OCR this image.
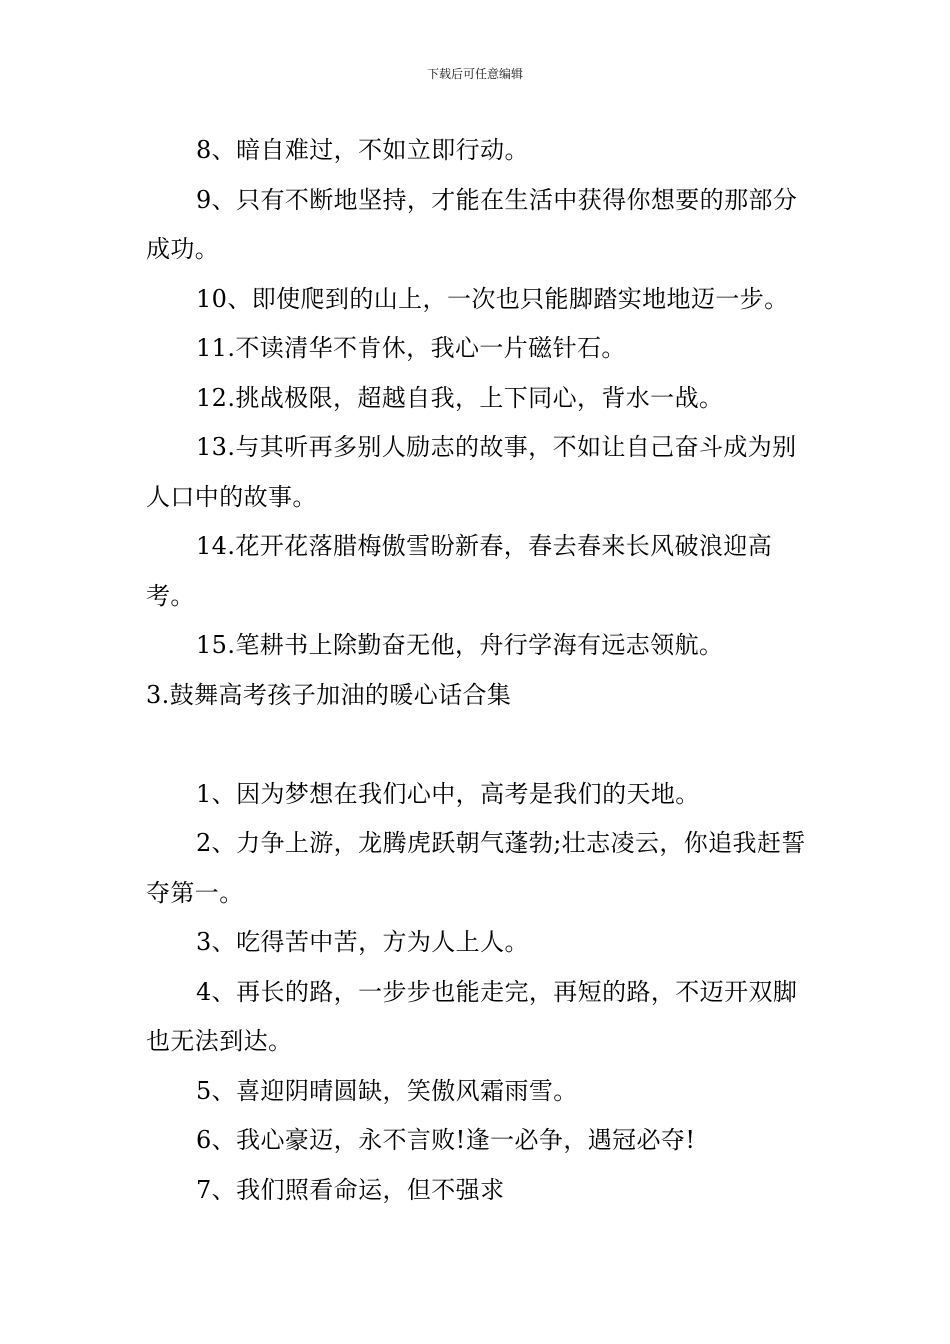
下载后可任意编辑

8、暗自难过，不如立即行动。

9、只有不断地坚持，才能在生活中获得你想要的那部分成功。

10、即使爬到的山上，一次也只能脚踏实地地迈一步。

11.不读清华不肯休，我心一片磁针石。

12.挑战极限，超越自我，上下同心，背水一战。

13.与其听再多别人励志的故事，不如让自己奋斗成为别人口中的故事。

14.花开花落腊梅傲雪盼新春，春去春来长风破浪迎高考。

15.笔耕书上除勤奋无他，舟行学海有远志领航。

3.鼓舞高考孩子加油的暖心话合集

1、因为梦想在我们心中，高考是我们的天地。

2、力争上游，龙腾虎跃朝气蓬勃;壮志凌云，你追我赶誓夺第一。

3、吃得苦中苦，方为人上人。

4、再长的路，一步步也能走完，再短的路，不迈开双脚也无法到达。

5、喜迎阴晴圆缺，笑傲风霜雨雪。

6、我心豪迈，永不言败!逢一必争，遇冠必夺!

7、我们照看命运，但不强求
